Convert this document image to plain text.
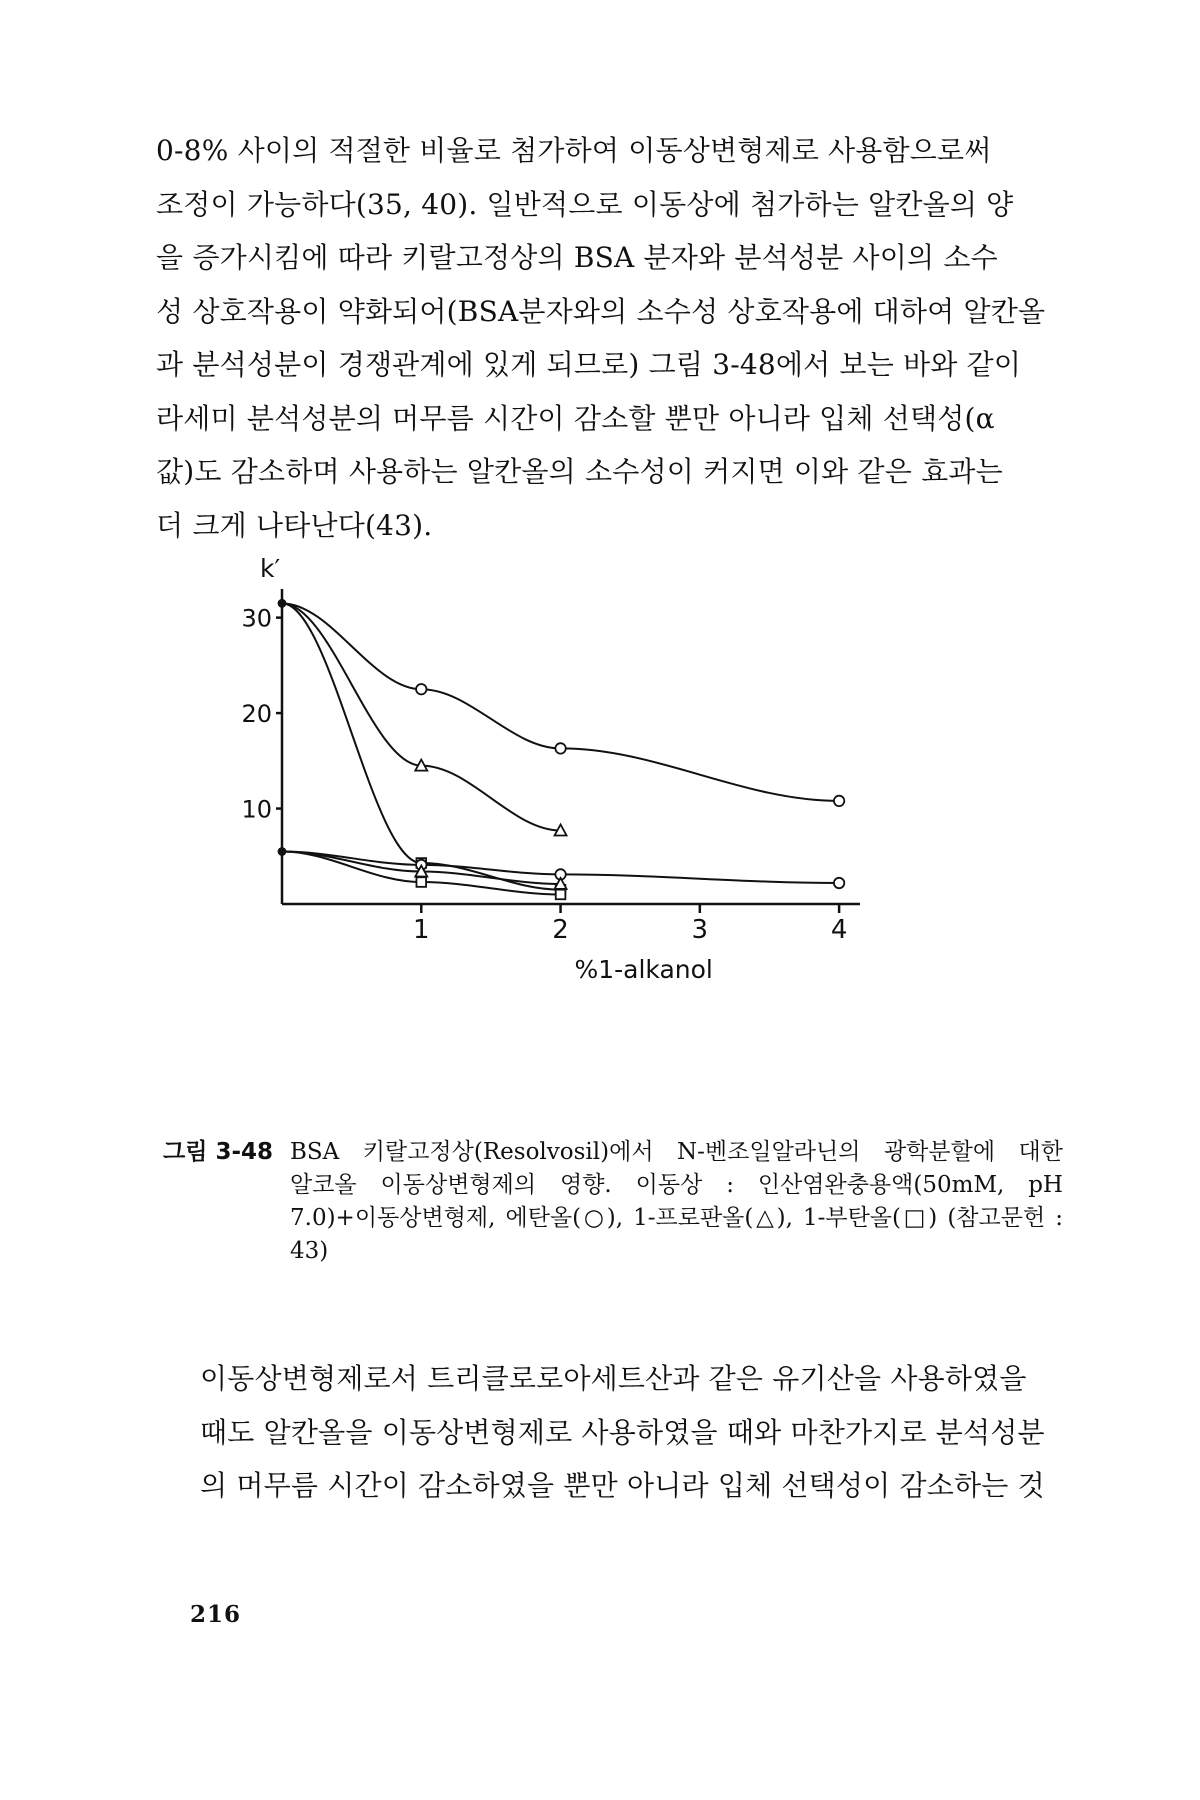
0-8% 사이의 적절한 비율로 첨가하여 이동상변형제로 사용함으로써
조정이 가능하다(35, 40). 일반적으로 이동상에 첨가하는 알칸올의 양
을 증가시킴에 따라 키랄고정상의 BSA 분자와 분석성분 사이의 소수
성 상호작용이 약화되어(BSA분자와의 소수성 상호작용에 대하여 알칸올
과 분석성분이 경쟁관계에 있게 되므로) 그림 3-48에서 보는 바와 같이
라세미 분석성분의 머무름 시간이 감소할 뿐만 아니라 입체 선택성(α
값)도 감소하며 사용하는 알칸올의 소수성이 커지면 이와 같은 효과는
더 크게 나타난다(43).
10
20
30
1	2	3	4
k′
%1-alkanol
그림 3-48 BSA 키랄고정상(Resolvosil)에서 N-벤조일알라닌의 광학분할에 대한 알코올 이동상변형제의 영향. 이동상 : 인산염완충용액(50mM, pH 7.0)+이동상변형제, 에탄올(○), 1-프로판올(△), 1-부탄올(□) (참고문헌 : 43)
이동상변형제로서 트리클로로아세트산과 같은 유기산을 사용하였을
때도 알칸올을 이동상변형제로 사용하였을 때와 마찬가지로 분석성분
의 머무름 시간이 감소하였을 뿐만 아니라 입체 선택성이 감소하는 것
216
